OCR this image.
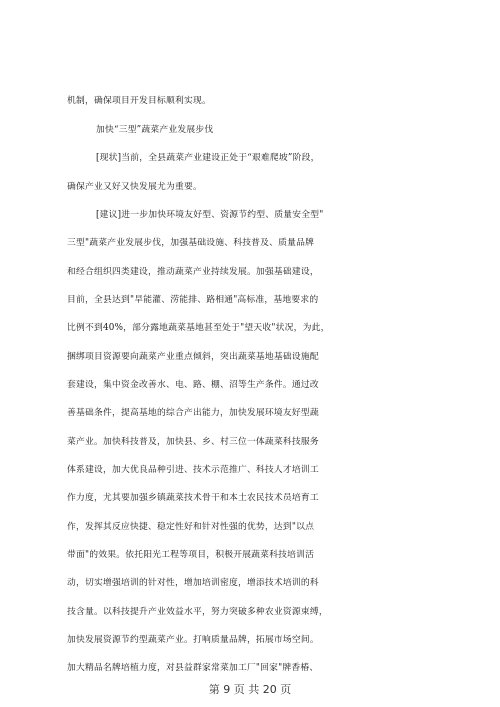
机制，确保项目开发目标顺利实现。
加快“三型”蔬菜产业发展步伐
[现状]当前，全县蔬菜产业建设正处于“艰难爬坡”阶段，
确保产业又好又快发展尤为重要。
[建议]进一步加快环境友好型、资源节约型、质量安全型"
三型"蔬菜产业发展步伐，加强基础设施、科技普及、质量品牌
和经合组织四类建设，推动蔬菜产业持续发展。加强基础建设，
目前，全县达到"旱能灌、涝能排、路相通"高标准，基地要求的
比例不到40%，部分露地蔬菜基地甚至处于"望天收"状况，为此，
捆绑项目资源要向蔬菜产业重点倾斜，突出蔬菜基地基础设施配
套建设，集中资金改善水、电、路、棚、沼等生产条件。通过改
善基础条件，提高基地的综合产出能力，加快发展环境友好型蔬
菜产业。加快科技普及，加快县、乡、村三位一体蔬菜科技服务
体系建设，加大优良品种引进、技术示范推广、科技人才培训工
作力度，尤其要加强乡镇蔬菜技术骨干和本土农民技术员培育工
作，发挥其反应快捷、稳定性好和针对性强的优势，达到"以点
带面"的效果。依托阳光工程等项目，积极开展蔬菜科技培训活
动，切实增强培训的针对性，增加培训密度，增添技术培训的科
技含量。以科技提升产业效益水平，努力突破多种农业资源束缚，
加快发展资源节约型蔬菜产业。打响质量品牌，拓展市场空间。
加大精品名牌培植力度，对县益群家常菜加工厂"回家"牌香椿、
第 9 页 共 20 页
